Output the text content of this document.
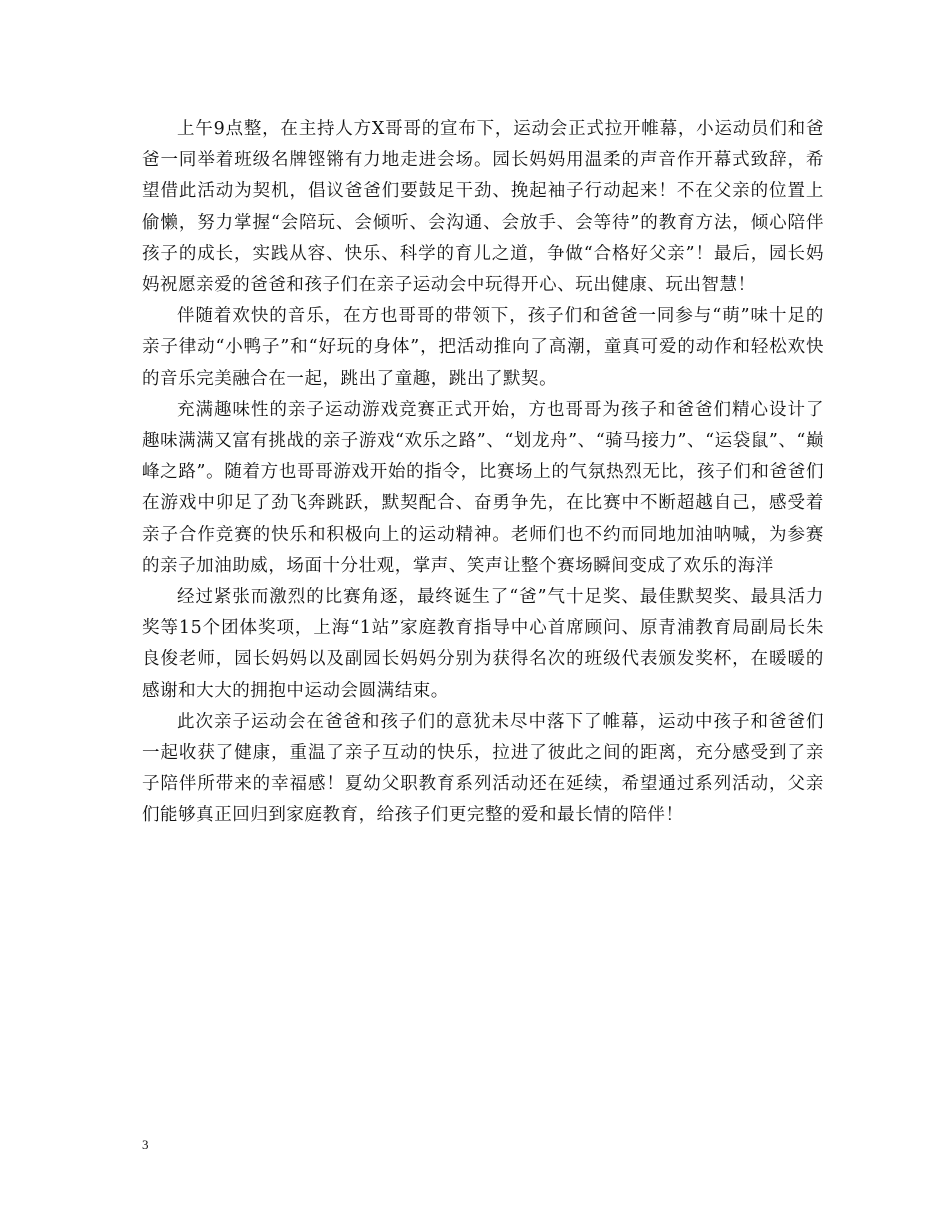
上午9点整，在主持人方X哥哥的宣布下，运动会正式拉开帷幕，小运动员们和爸爸一同举着班级名牌铿锵有力地走进会场。园长妈妈用温柔的声音作开幕式致辞，希望借此活动为契机，倡议爸爸们要鼓足干劲、挽起袖子行动起来！不在父亲的位置上偷懒，努力掌握“会陪玩、会倾听、会沟通、会放手、会等待”的教育方法，倾心陪伴孩子的成长，实践从容、快乐、科学的育儿之道，争做“合格好父亲”！最后，园长妈妈祝愿亲爱的爸爸和孩子们在亲子运动会中玩得开心、玩出健康、玩出智慧！

伴随着欢快的音乐，在方也哥哥的带领下，孩子们和爸爸一同参与“萌”味十足的亲子律动“小鸭子”和“好玩的身体”，把活动推向了高潮，童真可爱的动作和轻松欢快的音乐完美融合在一起，跳出了童趣，跳出了默契。

充满趣味性的亲子运动游戏竞赛正式开始，方也哥哥为孩子和爸爸们精心设计了趣味满满又富有挑战的亲子游戏“欢乐之路”、“划龙舟”、“骑马接力”、“运袋鼠”、“巅峰之路”。随着方也哥哥游戏开始的指令，比赛场上的气氛热烈无比，孩子们和爸爸们在游戏中卯足了劲飞奔跳跃，默契配合、奋勇争先，在比赛中不断超越自己，感受着亲子合作竞赛的快乐和积极向上的运动精神。老师们也不约而同地加油呐喊，为参赛的亲子加油助威，场面十分壮观，掌声、笑声让整个赛场瞬间变成了欢乐的海洋

经过紧张而激烈的比赛角逐，最终诞生了“爸”气十足奖、最佳默契奖、最具活力奖等15个团体奖项，上海“1站”家庭教育指导中心首席顾问、原青浦教育局副局长朱良俊老师，园长妈妈以及副园长妈妈分别为获得名次的班级代表颁发奖杯，在暖暖的感谢和大大的拥抱中运动会圆满结束。

此次亲子运动会在爸爸和孩子们的意犹未尽中落下了帷幕，运动中孩子和爸爸们一起收获了健康，重温了亲子互动的快乐，拉进了彼此之间的距离，充分感受到了亲子陪伴所带来的幸福感！夏幼父职教育系列活动还在延续，希望通过系列活动，父亲们能够真正回归到家庭教育，给孩子们更完整的爱和最长情的陪伴！

3
